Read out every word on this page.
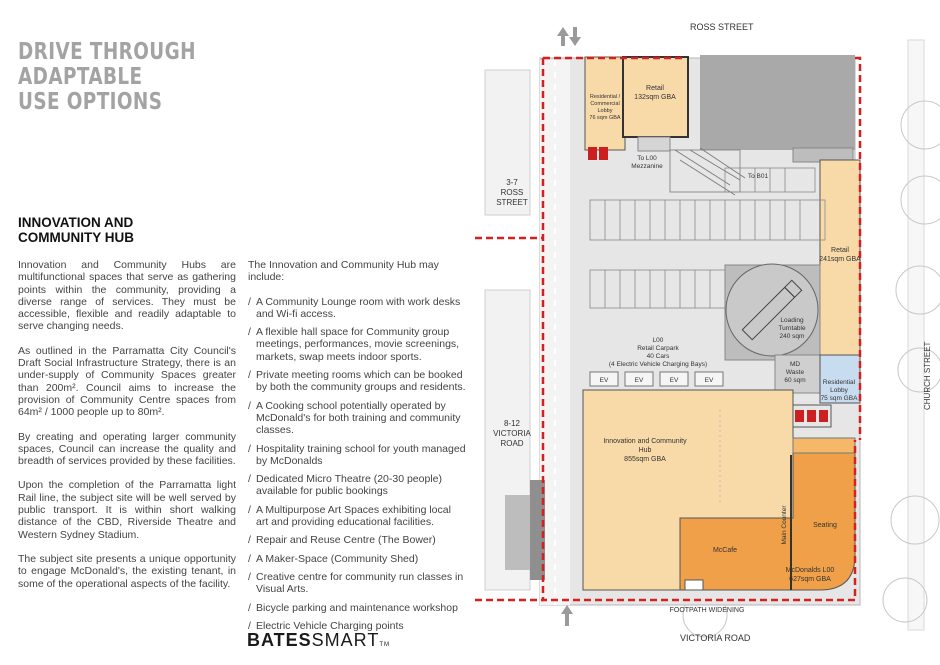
DRIVE THROUGH ADAPTABLE
USE OPTIONS
INNOVATION AND
COMMUNITY HUB

Innovation and Community Hubs are multifunctional spaces that serve as gathering points within the community, providing a diverse range of services. They must be accessible, flexible and readily adaptable to serve changing needs.

As outlined in the Parramatta City Council's Draft Social Infrastructure Strategy, there is an under-supply of Community Spaces greater than 200m². Council aims to increase the provision of Community Centre spaces from 64m² / 1000 people up to 80m².

By creating and operating larger community spaces, Council can increase the quality and breadth of services provided by these facilities.

Upon the completion of the Parramatta light Rail line, the subject site will be well served by public transport. It is within short walking distance of the CBD, Riverside Theatre and Western Sydney Stadium.

The subject site presents a unique opportunity to engage McDonald's, the existing tenant, in some of the operational aspects of the facility.

The Innovation and Community Hub may include:

/ A Community Lounge room with work desks and Wi-fi access.
/ A flexible hall space for Community group meetings, performances, movie screenings, markets, swap meets indoor sports.
/ Private meeting rooms which can be booked by both the community groups and residents.
/ A Cooking school potentially operated by McDonald's for both training and community classes.
/ Hospitality training school for youth managed by McDonalds
/ Dedicated Micro Theatre (20-30 people) available for public bookings
/ A Multipurpose Art Spaces exhibiting local art and providing educational facilities.
/ Repair and Reuse Centre (The Bower)
/ A Maker-Space (Community Shed)
/ Creative centre for community run classes in Visual Arts.
/ Bicycle parking and maintenance workshop
/ Electric Vehicle Charging points
BATESSMARTTM
ROSS STREET
VICTORIA ROAD
CHURCH STREET
FOOTPATH WIDENING
3-7
ROSS
STREET
8-12
VICTORIA
ROAD
Residential /
Commercial
Lobby
76 sqm GBA
Retail
132sqm GBA
To L00
Mezzanine
To B01
Retail
241sqm GBA
Loading
Turntable
240 sqm
L00
Retail Carpark
40 Cars
(4 Electric Vehicle Charging Bays)
EV	EV	EV	EV
MD
Waste
60 sqm	Residential
Lobby
75 sqm GBA
Innovation and Community
Hub
855sqm GBA
Seating
Main Counter
McCafe
McDonalds L00
627sqm GBA
